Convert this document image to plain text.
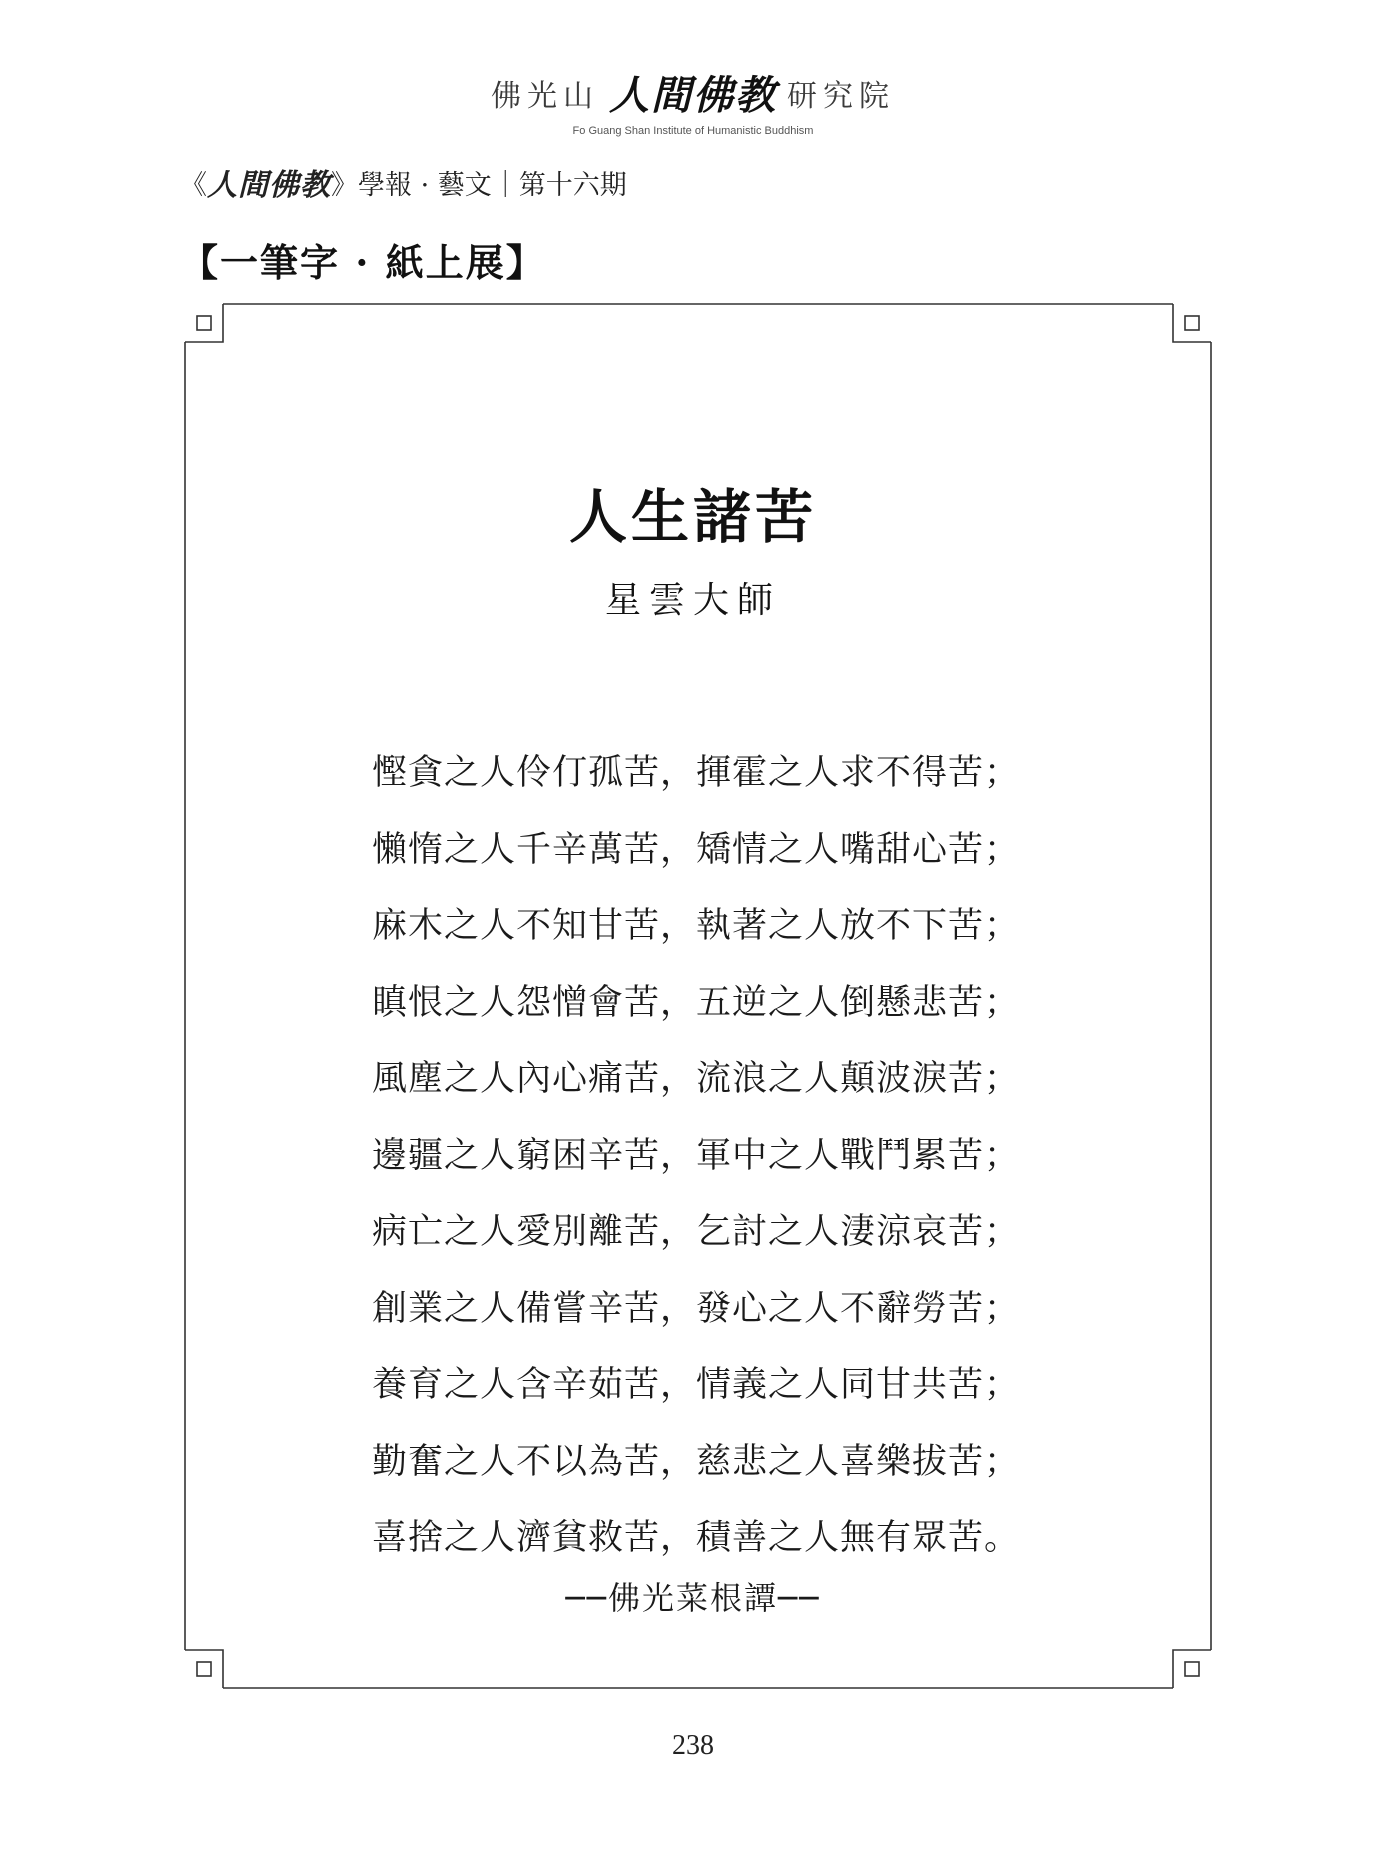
佛光山 人間佛教 研究院
Fo Guang Shan Institute of Humanistic Buddhism
《 人間佛教 》學報 · 藝文｜第十六期
【一筆字 · 紙上展】
人生諸苦
星雲大師
慳貪之人伶仃孤苦，揮霍之人求不得苦；
懶惰之人千辛萬苦，矯情之人嘴甜心苦；
麻木之人不知甘苦，執著之人放不下苦；
瞋恨之人怨憎會苦，五逆之人倒懸悲苦；
風塵之人內心痛苦，流浪之人顛波淚苦；
邊疆之人窮困辛苦，軍中之人戰鬥累苦；
病亡之人愛別離苦，乞討之人淒涼哀苦；
創業之人備嘗辛苦，發心之人不辭勞苦；
養育之人含辛茹苦，情義之人同甘共苦；
勤奮之人不以為苦，慈悲之人喜樂拔苦；
喜捨之人濟貧救苦，積善之人無有眾苦。
──佛光菜根譚──
238
